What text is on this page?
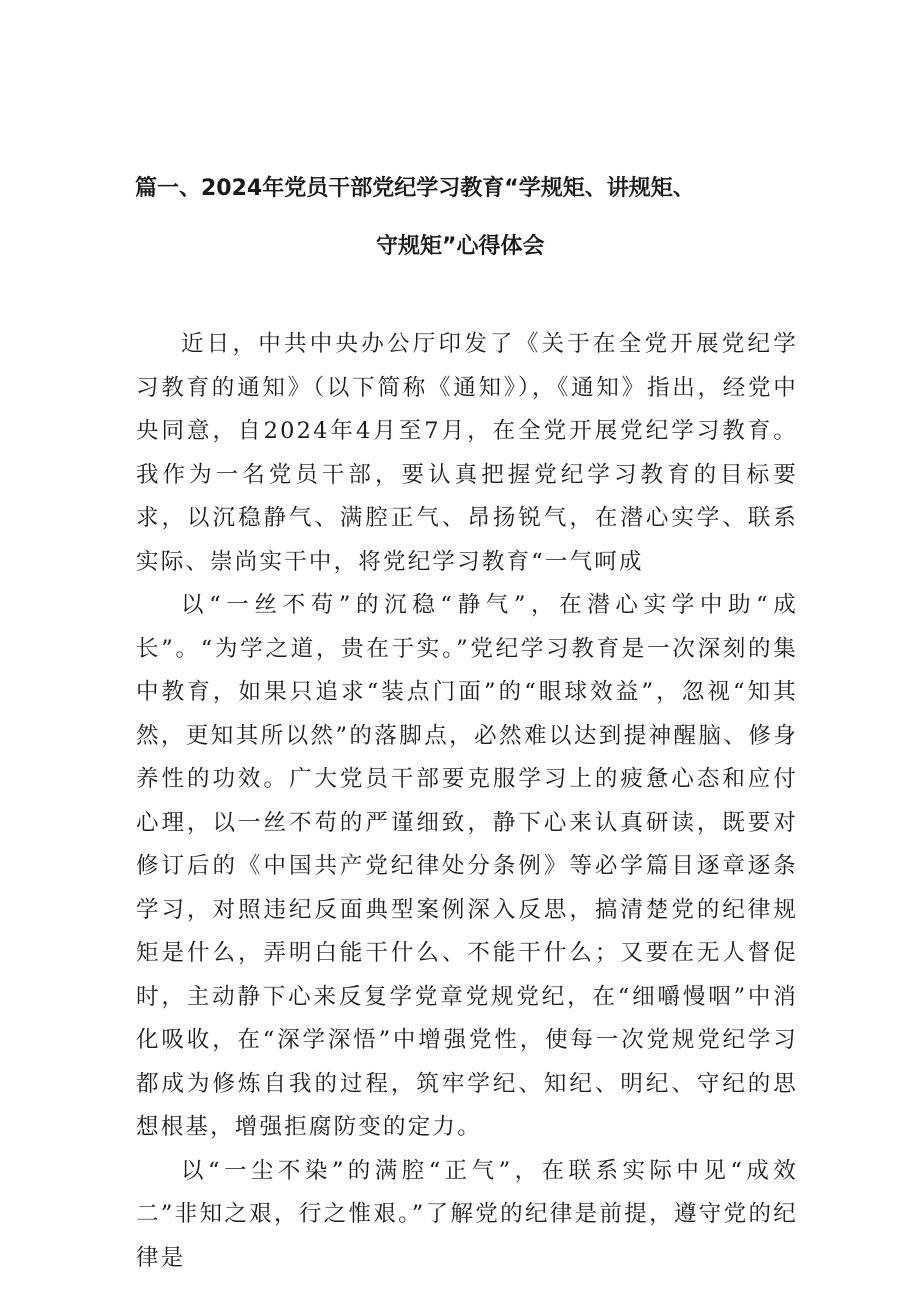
篇一、2024年党员干部党纪学习教育“学规矩、讲规矩、
守规矩”心得体会

近日，中共中央办公厅印发了《关于在全党开展党纪学习教育的通知》（以下简称《通知》），《通知》指出，经党中央同意，自2024年4月至7月，在全党开展党纪学习教育。我作为一名党员干部，要认真把握党纪学习教育的目标要求，以沉稳静气、满腔正气、昂扬锐气，在潜心实学、联系实际、崇尚实干中，将党纪学习教育“一气呵成

以“一丝不苟”的沉稳“静气”，在潜心实学中助“成长”。“为学之道，贵在于实。”党纪学习教育是一次深刻的集中教育，如果只追求“装点门面”的“眼球效益”，忽视“知其然，更知其所以然”的落脚点，必然难以达到提神醒脑、修身养性的功效。广大党员干部要克服学习上的疲惫心态和应付心理，以一丝不苟的严谨细致，静下心来认真研读，既要对修订后的《中国共产党纪律处分条例》等必学篇目逐章逐条学习，对照违纪反面典型案例深入反思，搞清楚党的纪律规矩是什么，弄明白能干什么、不能干什么；又要在无人督促时，主动静下心来反复学党章党规党纪，在“细嚼慢咽”中消化吸收，在“深学深悟”中增强党性，使每一次党规党纪学习都成为修炼自我的过程，筑牢学纪、知纪、明纪、守纪的思想根基，增强拒腐防变的定力。

以“一尘不染”的满腔“正气”，在联系实际中见“成效二”非知之艰，行之惟艰。”了解党的纪律是前提，遵守党的纪律是
